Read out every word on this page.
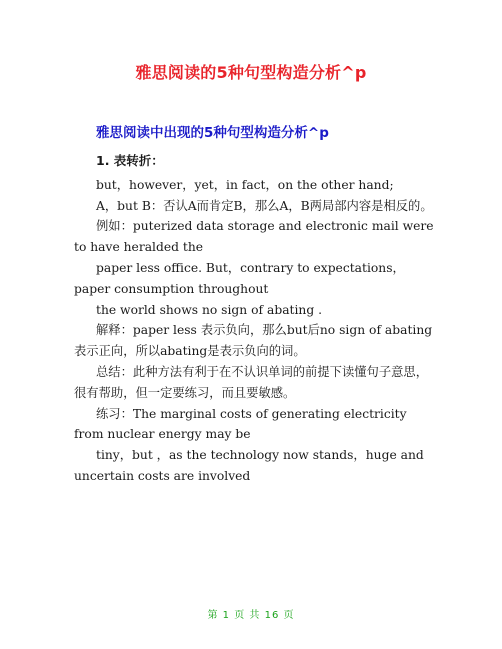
雅思阅读的5种句型构造分析^p
雅思阅读中出现的5种句型构造分析^p

1. 表转折：

but，however，yet，in fact，on the other hand;

A，but B：否认A而肯定B，那么A，B两局部内容是相反的。

例如：puterized data storage and electronic mail were to have heralded the

paper less office. But，contrary to expectations，paper consumption throughout

the world shows no sign of abating .

解释：paper less 表示负向，那么but后no sign of abating 表示正向，所以abating是表示负向的词。

总结：此种方法有利于在不认识单词的前提下读懂句子意思，很有帮助，但一定要练习，而且要敏感。

练习：The marginal costs of generating electricity from nuclear energy may be

tiny，but ，as the technology now stands，huge and uncertain costs are involved

第 1 页 共 16 页
